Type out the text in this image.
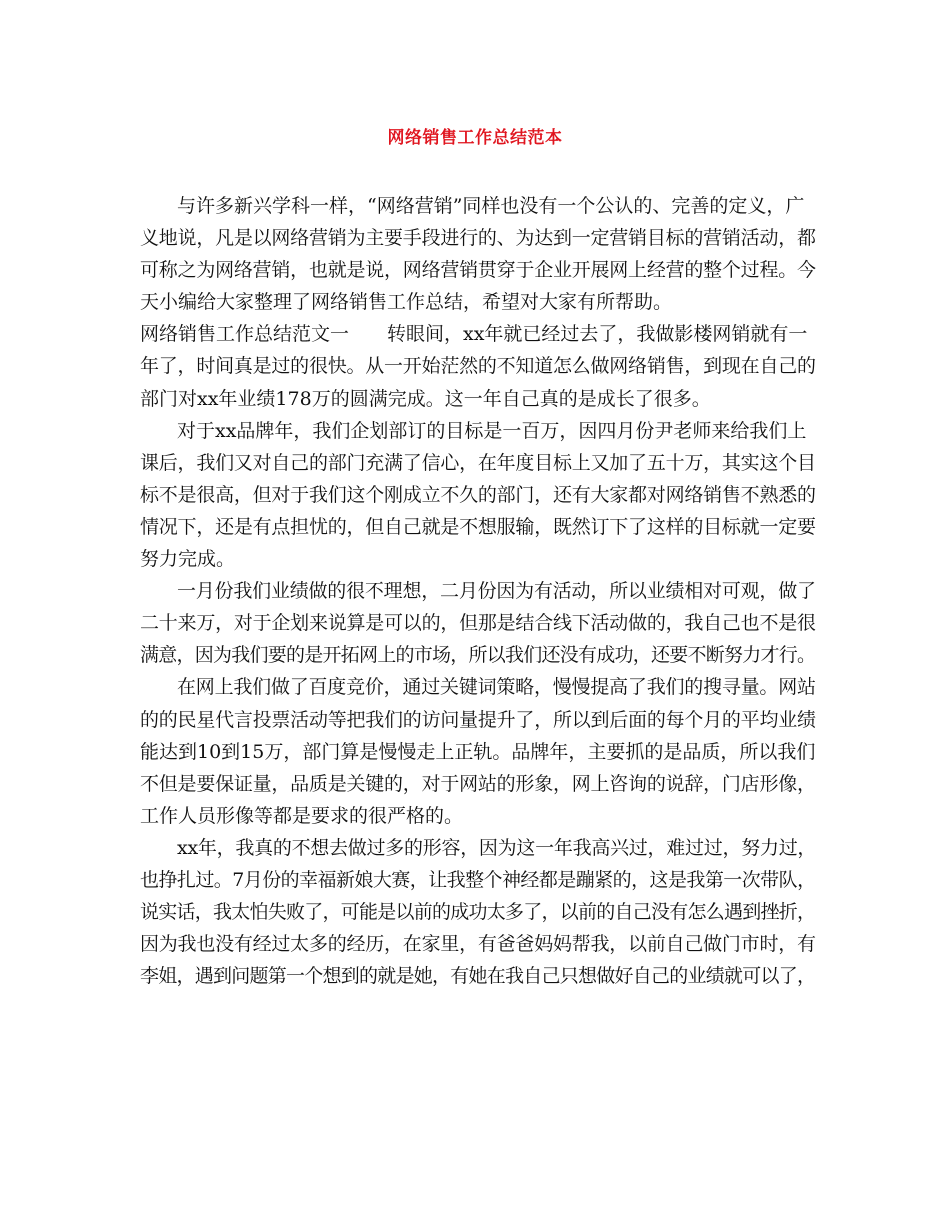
网络销售工作总结范本
与许多新兴学科一样，“网络营销”同样也没有一个公认的、完善的定义，广
义地说，凡是以网络营销为主要手段进行的、为达到一定营销目标的营销活动，都
可称之为网络营销，也就是说，网络营销贯穿于企业开展网上经营的整个过程。今
天小编给大家整理了网络销售工作总结，希望对大家有所帮助。
网络销售工作总结范文一　　转眼间，xx年就已经过去了，我做影楼网销就有一
年了，时间真是过的很快。从一开始茫然的不知道怎么做网络销售，到现在自己的
部门对xx年业绩178万的圆满完成。这一年自己真的是成长了很多。
对于xx品牌年，我们企划部订的目标是一百万，因四月份尹老师来给我们上
课后，我们又对自己的部门充满了信心，在年度目标上又加了五十万，其实这个目
标不是很高，但对于我们这个刚成立不久的部门，还有大家都对网络销售不熟悉的
情况下，还是有点担忧的，但自己就是不想服输，既然订下了这样的目标就一定要
努力完成。
一月份我们业绩做的很不理想，二月份因为有活动，所以业绩相对可观，做了
二十来万，对于企划来说算是可以的，但那是结合线下活动做的，我自己也不是很
满意，因为我们要的是开拓网上的市场，所以我们还没有成功，还要不断努力才行。
在网上我们做了百度竞价，通过关键词策略，慢慢提高了我们的搜寻量。网站
的的民星代言投票活动等把我们的访问量提升了，所以到后面的每个月的平均业绩
能达到10到15万，部门算是慢慢走上正轨。品牌年，主要抓的是品质，所以我们
不但是要保证量，品质是关键的，对于网站的形象，网上咨询的说辞，门店形像，
工作人员形像等都是要求的很严格的。
xx年，我真的不想去做过多的形容，因为这一年我高兴过，难过过，努力过，
也挣扎过。7月份的幸福新娘大赛，让我整个神经都是蹦紧的，这是我第一次带队，
说实话，我太怕失败了，可能是以前的成功太多了，以前的自己没有怎么遇到挫折，
因为我也没有经过太多的经历，在家里，有爸爸妈妈帮我，以前自己做门市时，有
李姐，遇到问题第一个想到的就是她，有她在我自己只想做好自己的业绩就可以了，
